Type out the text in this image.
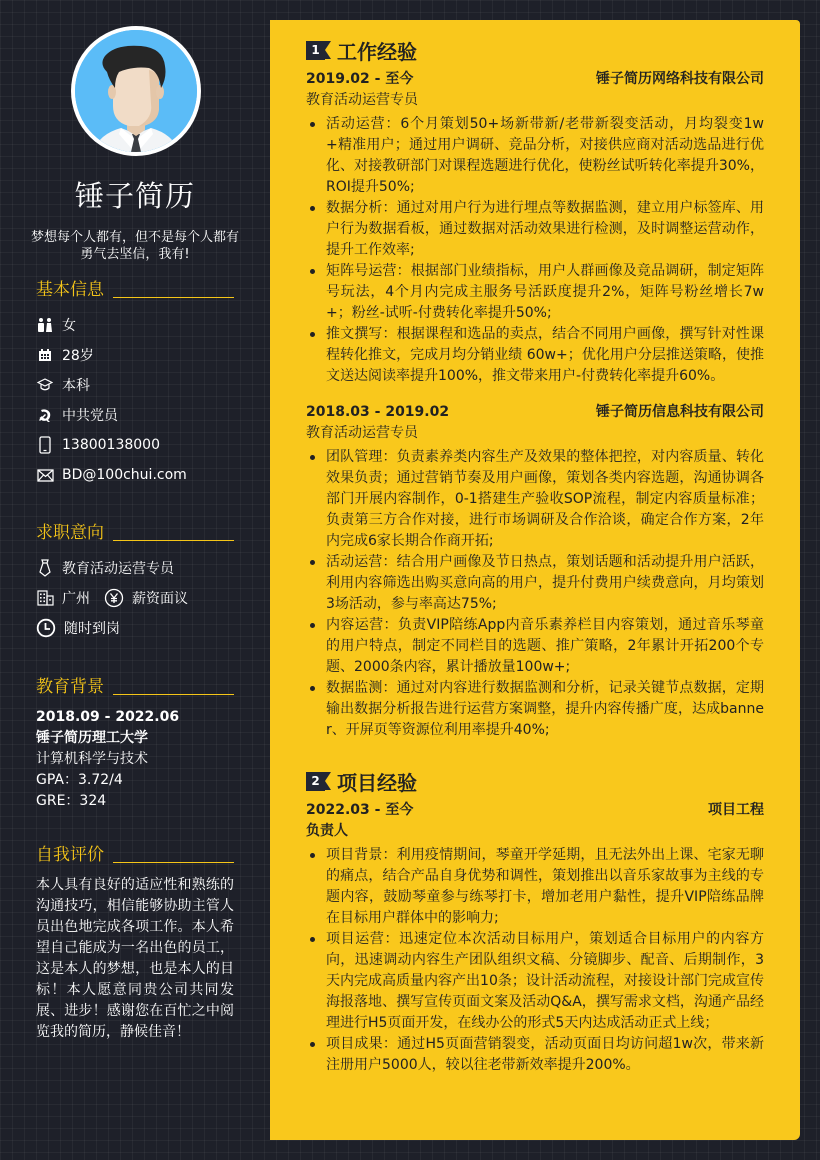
锤子简历
梦想每个人都有，但不是每个人都有勇气去坚信，我有!
基本信息
女
28岁
本科
中共党员
13800138000
BD@100chui.com
求职意向
教育活动运营专员
广州	薪资面议
随时到岗
教育背景
2018.09 - 2022.06
锤子简历理工大学
计算机科学与技术
GPA：3.72/4
GRE：324
自我评价
本人具有良好的适应性和熟练的沟通技巧，相信能够协助主管人员出色地完成各项工作。本人希望自己能成为一名出色的员工，这是本人的梦想，也是本人的目标！本人愿意同贵公司共同发展、进步！感谢您在百忙之中阅览我的简历，静候佳音！
1 工作经验
2019.02 - 至今	锤子简历网络科技有限公司
教育活动运营专员
活动运营：6个月策划50+场新带新/老带新裂变活动，月均裂变1w+精准用户；通过用户调研、竞品分析，对接供应商对活动选品进行优化、对接教研部门对课程选题进行优化，使粉丝试听转化率提升30%，ROI提升50%;
数据分析：通过对用户行为进行埋点等数据监测，建立用户标签库、用户行为数据看板，通过数据对活动效果进行检测，及时调整运营动作，提升工作效率;
矩阵号运营：根据部门业绩指标，用户人群画像及竞品调研，制定矩阵号玩法，4个月内完成主服务号活跃度提升2%，矩阵号粉丝增长7w+；粉丝-试听-付费转化率提升50%;
推文撰写：根据课程和选品的卖点，结合不同用户画像，撰写针对性课程转化推文，完成月均分销业绩 60w+；优化用户分层推送策略，使推文送达阅读率提升100%，推文带来用户-付费转化率提升60%。
2018.03 - 2019.02	锤子简历信息科技有限公司
教育活动运营专员
团队管理：负责素养类内容生产及效果的整体把控，对内容质量、转化效果负责；通过营销节奏及用户画像，策划各类内容选题，沟通协调各部门开展内容制作，0-1搭建生产验收SOP流程，制定内容质量标准；负责第三方合作对接，进行市场调研及合作洽谈，确定合作方案，2年内完成6家长期合作商开拓;
活动运营：结合用户画像及节日热点，策划话题和活动提升用户活跃，利用内容筛选出购买意向高的用户，提升付费用户续费意向，月均策划3场活动，参与率高达75%;
内容运营：负责VIP陪练App内音乐素养栏目内容策划，通过音乐琴童的用户特点，制定不同栏目的选题、推广策略，2年累计开拓200个专题、2000条内容，累计播放量100w+;
数据监测：通过对内容进行数据监测和分析，记录关键节点数据，定期输出数据分析报告进行运营方案调整，提升内容传播广度，达成banner、开屏页等资源位利用率提升40%;
2 项目经验
2022.03 - 至今	项目工程
负责人
项目背景：利用疫情期间，琴童开学延期，且无法外出上课、宅家无聊的痛点，结合产品自身优势和调性，策划推出以音乐家故事为主线的专题内容，鼓励琴童参与练琴打卡，增加老用户黏性，提升VIP陪练品牌在目标用户群体中的影响力;
项目运营：迅速定位本次活动目标用户，策划适合目标用户的内容方向，迅速调动内容生产团队组织文稿、分镜脚步、配音、后期制作，3天内完成高质量内容产出10条；设计活动流程，对接设计部门完成宣传海报落地、撰写宣传页面文案及活动Q&A，撰写需求文档，沟通产品经理进行H5页面开发，在线办公的形式5天内达成活动正式上线；
项目成果：通过H5页面营销裂变，活动页面日均访问超1w次，带来新注册用户5000人，较以往老带新效率提升200%。
